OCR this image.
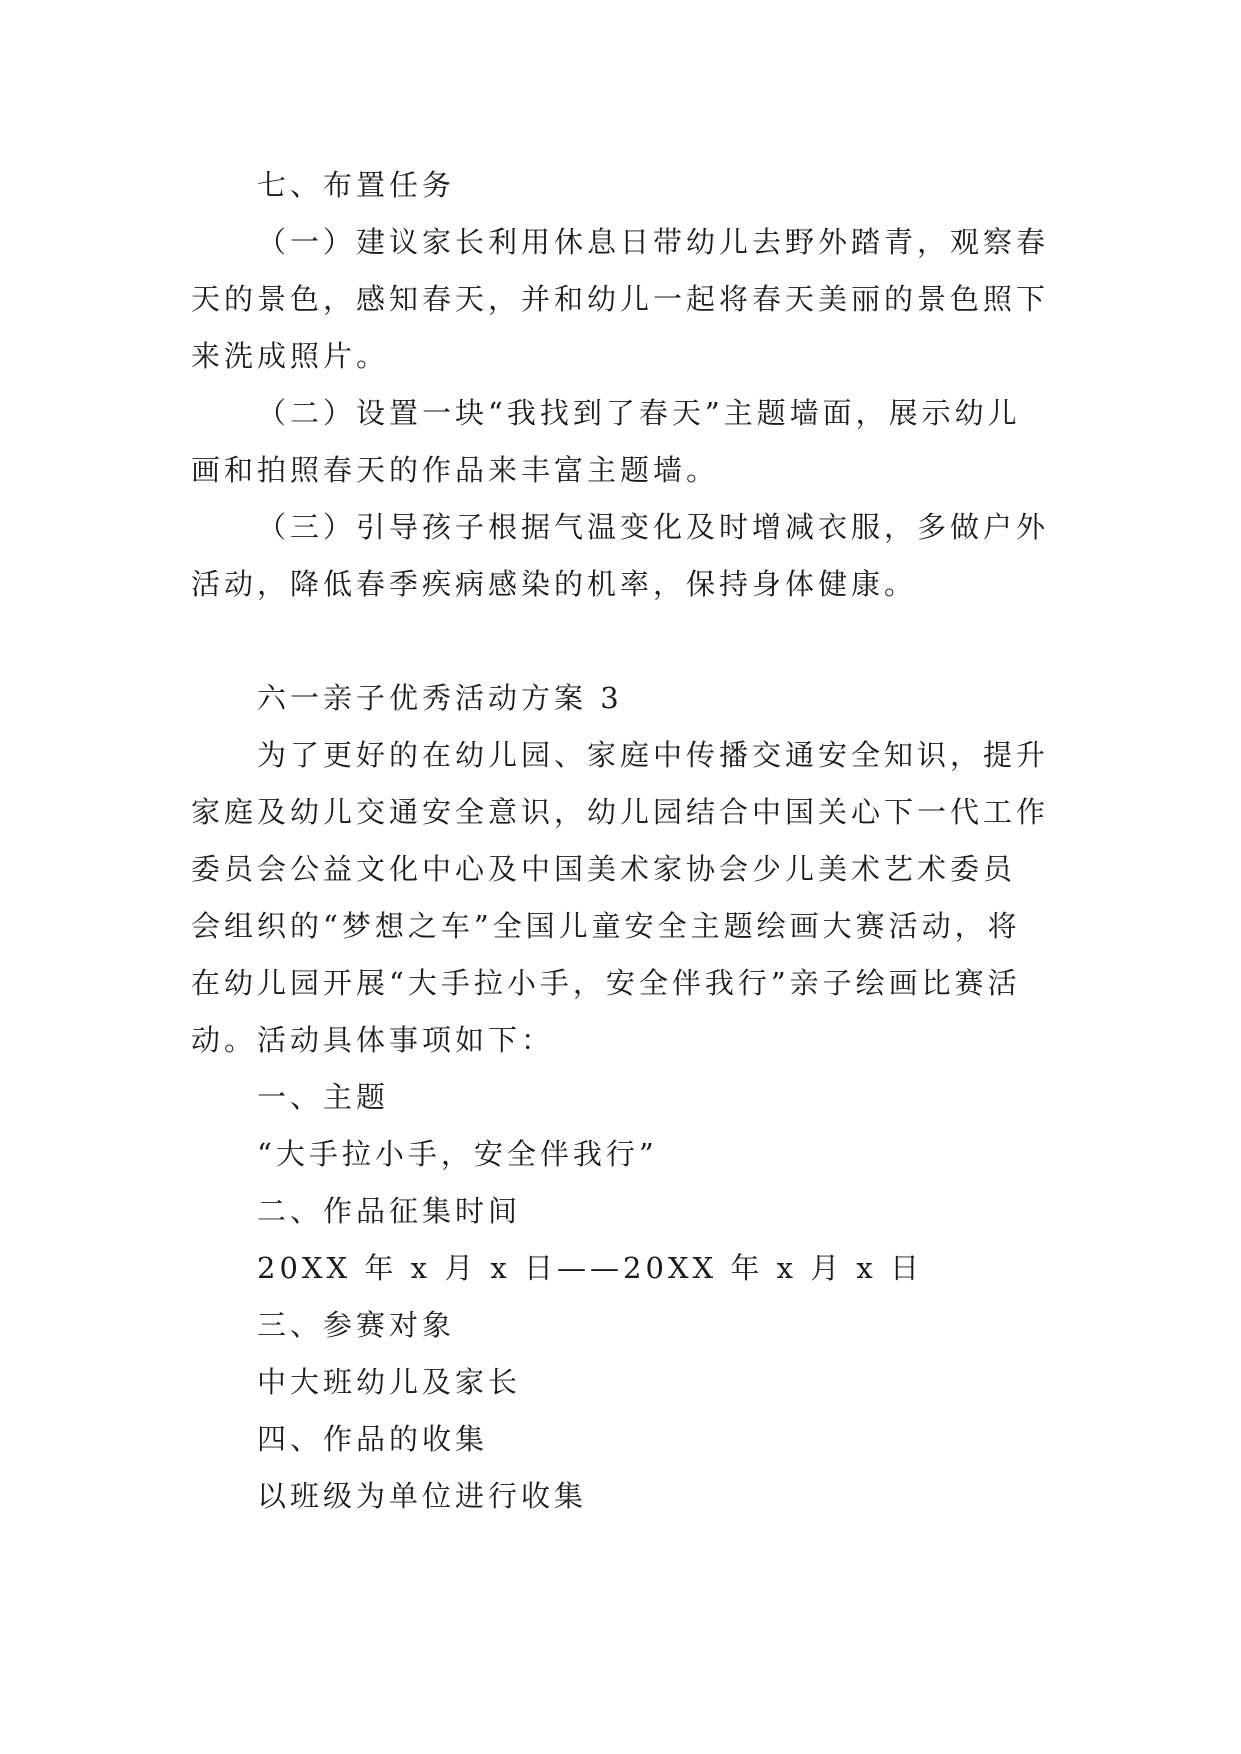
七、布置任务
（一）建议家长利用休息日带幼儿去野外踏青，观察春
天的景色，感知春天，并和幼儿一起将春天美丽的景色照下
来洗成照片。
（二）设置一块“我找到了春天”主题墙面，展示幼儿
画和拍照春天的作品来丰富主题墙。
（三）引导孩子根据气温变化及时增减衣服，多做户外
活动，降低春季疾病感染的机率，保持身体健康。
六一亲子优秀活动方案 3
为了更好的在幼儿园、家庭中传播交通安全知识，提升
家庭及幼儿交通安全意识，幼儿园结合中国关心下一代工作
委员会公益文化中心及中国美术家协会少儿美术艺术委员
会组织的“梦想之车”全国儿童安全主题绘画大赛活动，将
在幼儿园开展“大手拉小手，安全伴我行”亲子绘画比赛活
动。活动具体事项如下：
一、主题
“大手拉小手，安全伴我行”
二、作品征集时间
20XX 年 x 月 x 日——20XX 年 x 月 x 日
三、参赛对象
中大班幼儿及家长
四、作品的收集
以班级为单位进行收集
